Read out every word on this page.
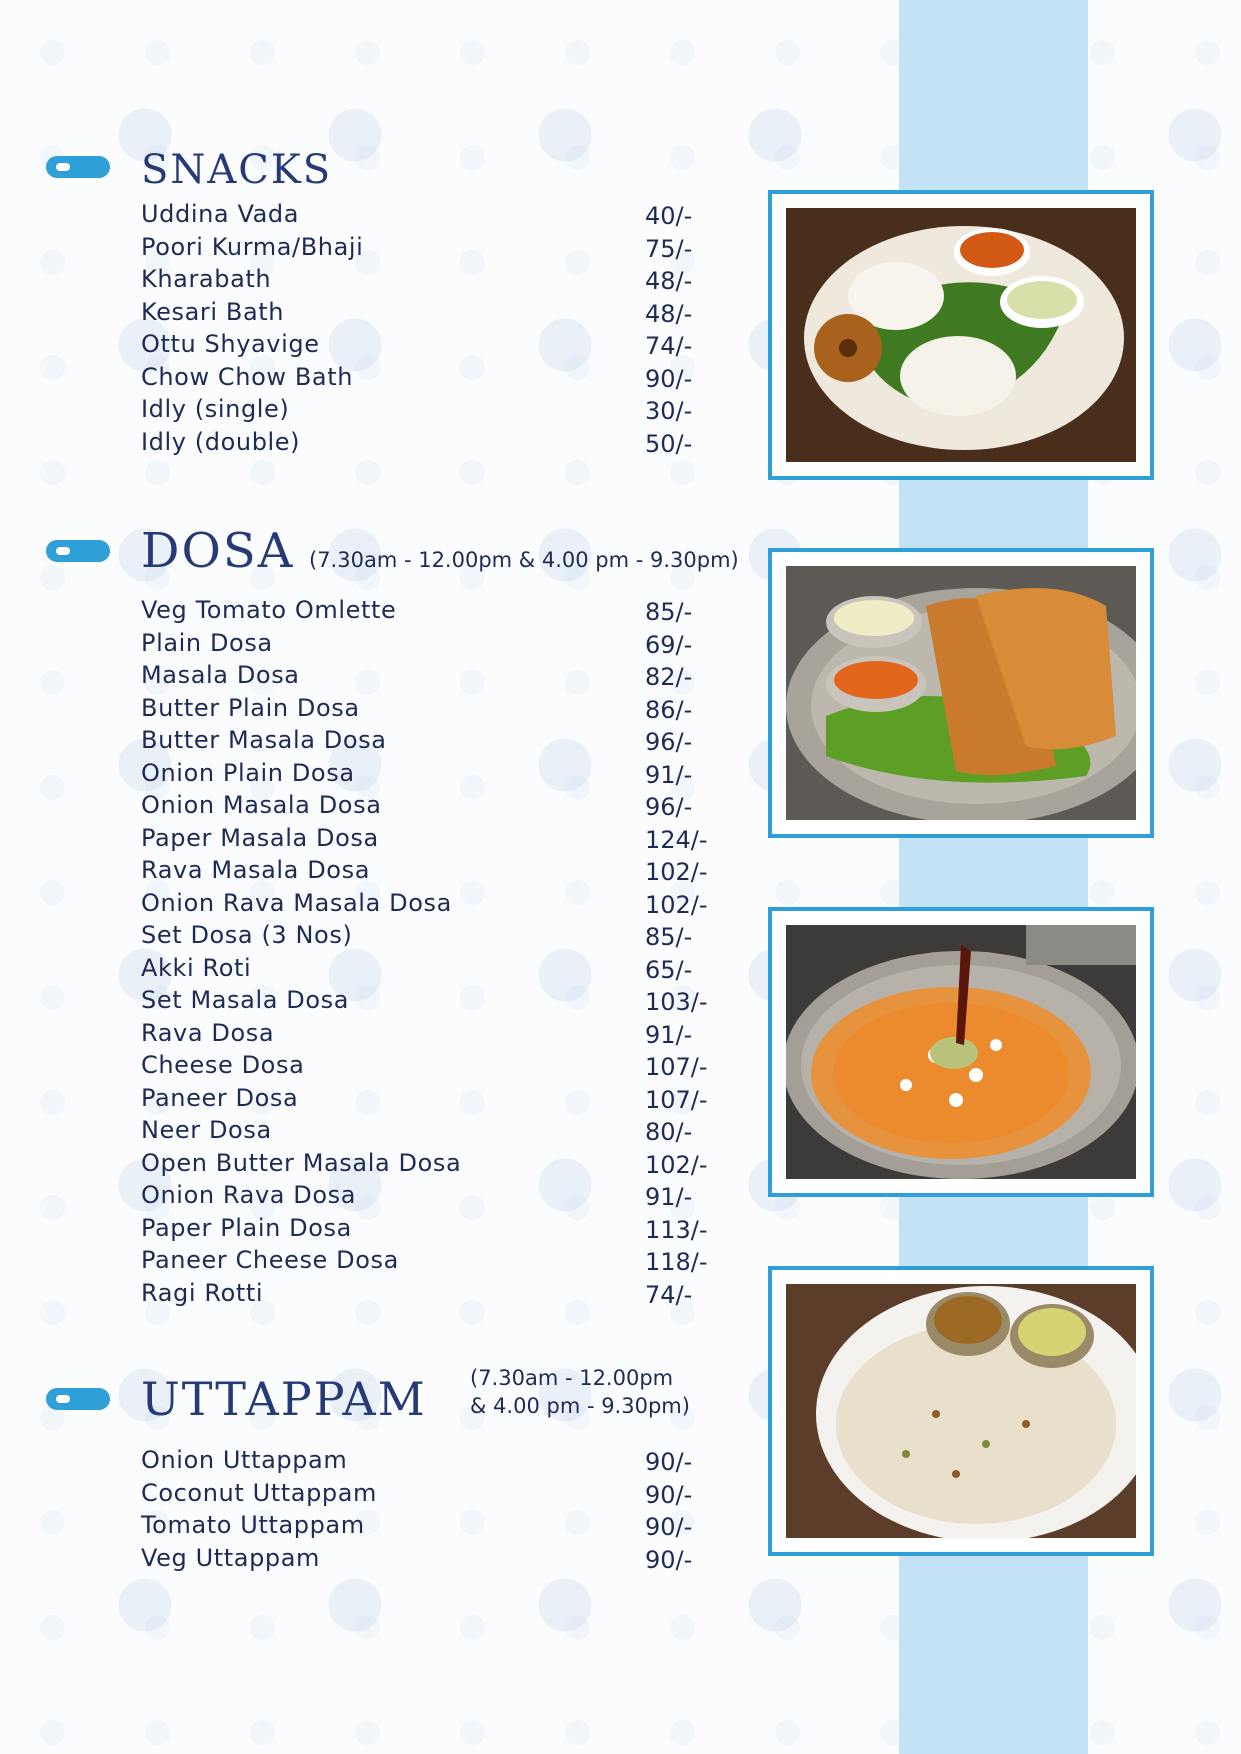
SNACKS
Uddina Vada	40/-
Poori Kurma/Bhaji	75/-
Kharabath	48/-
Kesari Bath	48/-
Ottu Shyavige	74/-
Chow Chow Bath	90/-
Idly (single)	30/-
Idly (double)	50/-
DOSA (7.30am - 12.00pm & 4.00 pm - 9.30pm)
Veg Tomato Omlette	85/-
Plain Dosa	69/-
Masala Dosa	82/-
Butter Plain Dosa	86/-
Butter Masala Dosa	96/-
Onion Plain Dosa	91/-
Onion Masala Dosa	96/-
Paper Masala Dosa	124/-
Rava Masala Dosa	102/-
Onion Rava Masala Dosa	102/-
Set Dosa (3 Nos)	85/-
Akki Roti	65/-
Set Masala Dosa	103/-
Rava Dosa	91/-
Cheese Dosa	107/-
Paneer Dosa	107/-
Neer Dosa	80/-
Open Butter Masala Dosa	102/-
Onion Rava Dosa	91/-
Paper Plain Dosa	113/-
Paneer Cheese Dosa	118/-
Ragi Rotti	74/-
UTTAPPAM (7.30am - 12.00pm
& 4.00 pm - 9.30pm)
Onion Uttappam	90/-
Coconut Uttappam	90/-
Tomato Uttappam	90/-
Veg Uttappam	90/-
